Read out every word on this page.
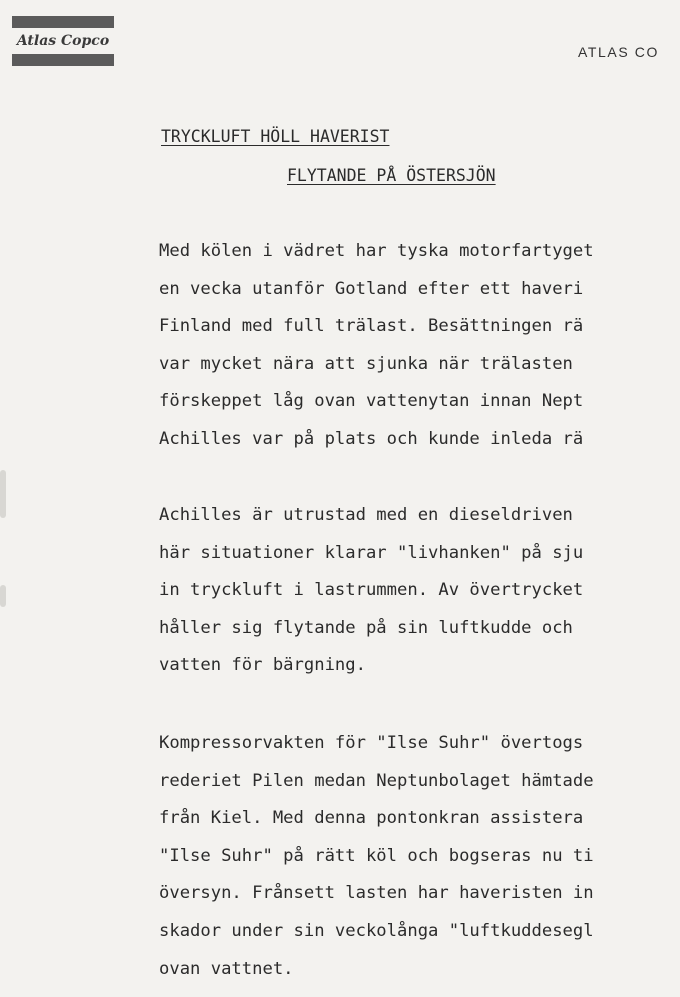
Atlas Copco
ATLAS CO
TRYCKLUFT HÖLL HAVERIST
FLYTANDE PÅ ÖSTERSJÖN
Med kölen i vädret har tyska motorfartyget
en vecka utanför Gotland efter ett haveri
Finland med full trälast. Besättningen rä
var mycket nära att sjunka när trälasten
förskeppet låg ovan vattenytan innan Nept
Achilles var på plats och kunde inleda rä
Achilles är utrustad med en dieseldriven
här situationer klarar "livhanken" på sju
in tryckluft i lastrummen. Av övertrycket
håller sig flytande på sin luftkudde och
vatten för bärgning.
Kompressorvakten för "Ilse Suhr" övertogs
rederiet Pilen medan Neptunbolaget hämtade
från Kiel. Med denna pontonkran assistera
"Ilse Suhr" på rätt köl och bogseras nu ti
översyn. Frånsett lasten har haveristen in
skador under sin veckolånga "luftkuddesegl
ovan vattnet.
